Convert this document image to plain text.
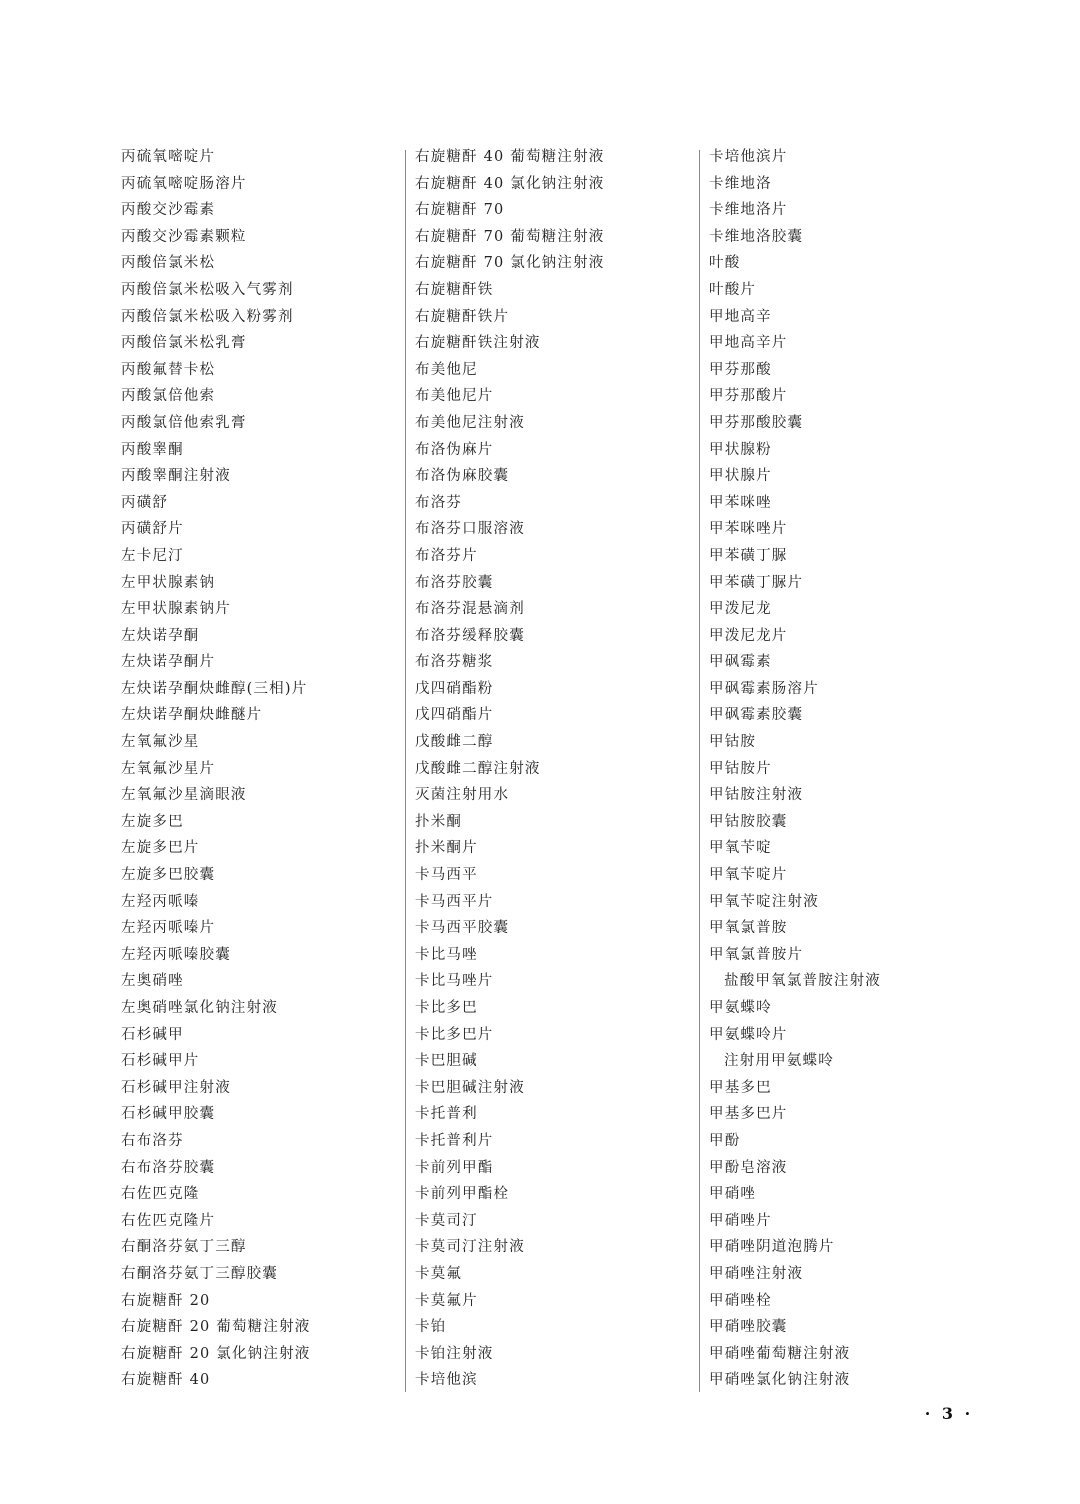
丙硫氧嘧啶片
丙硫氧嘧啶肠溶片
丙酸交沙霉素
丙酸交沙霉素颗粒
丙酸倍氯米松
丙酸倍氯米松吸入气雾剂
丙酸倍氯米松吸入粉雾剂
丙酸倍氯米松乳膏
丙酸氟替卡松
丙酸氯倍他索
丙酸氯倍他索乳膏
丙酸睾酮
丙酸睾酮注射液
丙磺舒
丙磺舒片
左卡尼汀
左甲状腺素钠
左甲状腺素钠片
左炔诺孕酮
左炔诺孕酮片
左炔诺孕酮炔雌醇(三相)片
左炔诺孕酮炔雌醚片
左氧氟沙星
左氧氟沙星片
左氧氟沙星滴眼液
左旋多巴
左旋多巴片
左旋多巴胶囊
左羟丙哌嗪
左羟丙哌嗪片
左羟丙哌嗪胶囊
左奥硝唑
左奥硝唑氯化钠注射液
石杉碱甲
石杉碱甲片
石杉碱甲注射液
石杉碱甲胶囊
右布洛芬
右布洛芬胶囊
右佐匹克隆
右佐匹克隆片
右酮洛芬氨丁三醇
右酮洛芬氨丁三醇胶囊
右旋糖酐 20
右旋糖酐 20 葡萄糖注射液
右旋糖酐 20 氯化钠注射液
右旋糖酐 40
右旋糖酐 40 葡萄糖注射液
右旋糖酐 40 氯化钠注射液
右旋糖酐 70
右旋糖酐 70 葡萄糖注射液
右旋糖酐 70 氯化钠注射液
右旋糖酐铁
右旋糖酐铁片
右旋糖酐铁注射液
布美他尼
布美他尼片
布美他尼注射液
布洛伪麻片
布洛伪麻胶囊
布洛芬
布洛芬口服溶液
布洛芬片
布洛芬胶囊
布洛芬混悬滴剂
布洛芬缓释胶囊
布洛芬糖浆
戊四硝酯粉
戊四硝酯片
戊酸雌二醇
戊酸雌二醇注射液
灭菌注射用水
扑米酮
扑米酮片
卡马西平
卡马西平片
卡马西平胶囊
卡比马唑
卡比马唑片
卡比多巴
卡比多巴片
卡巴胆碱
卡巴胆碱注射液
卡托普利
卡托普利片
卡前列甲酯
卡前列甲酯栓
卡莫司汀
卡莫司汀注射液
卡莫氟
卡莫氟片
卡铂
卡铂注射液
卡培他滨
卡培他滨片
卡维地洛
卡维地洛片
卡维地洛胶囊
叶酸
叶酸片
甲地高辛
甲地高辛片
甲芬那酸
甲芬那酸片
甲芬那酸胶囊
甲状腺粉
甲状腺片
甲苯咪唑
甲苯咪唑片
甲苯磺丁脲
甲苯磺丁脲片
甲泼尼龙
甲泼尼龙片
甲砜霉素
甲砜霉素肠溶片
甲砜霉素胶囊
甲钴胺
甲钴胺片
甲钴胺注射液
甲钴胺胶囊
甲氧苄啶
甲氧苄啶片
甲氧苄啶注射液
甲氧氯普胺
甲氧氯普胺片
盐酸甲氧氯普胺注射液
甲氨蝶呤
甲氨蝶呤片
注射用甲氨蝶呤
甲基多巴
甲基多巴片
甲酚
甲酚皂溶液
甲硝唑
甲硝唑片
甲硝唑阴道泡腾片
甲硝唑注射液
甲硝唑栓
甲硝唑胶囊
甲硝唑葡萄糖注射液
甲硝唑氯化钠注射液
· 3 ·
